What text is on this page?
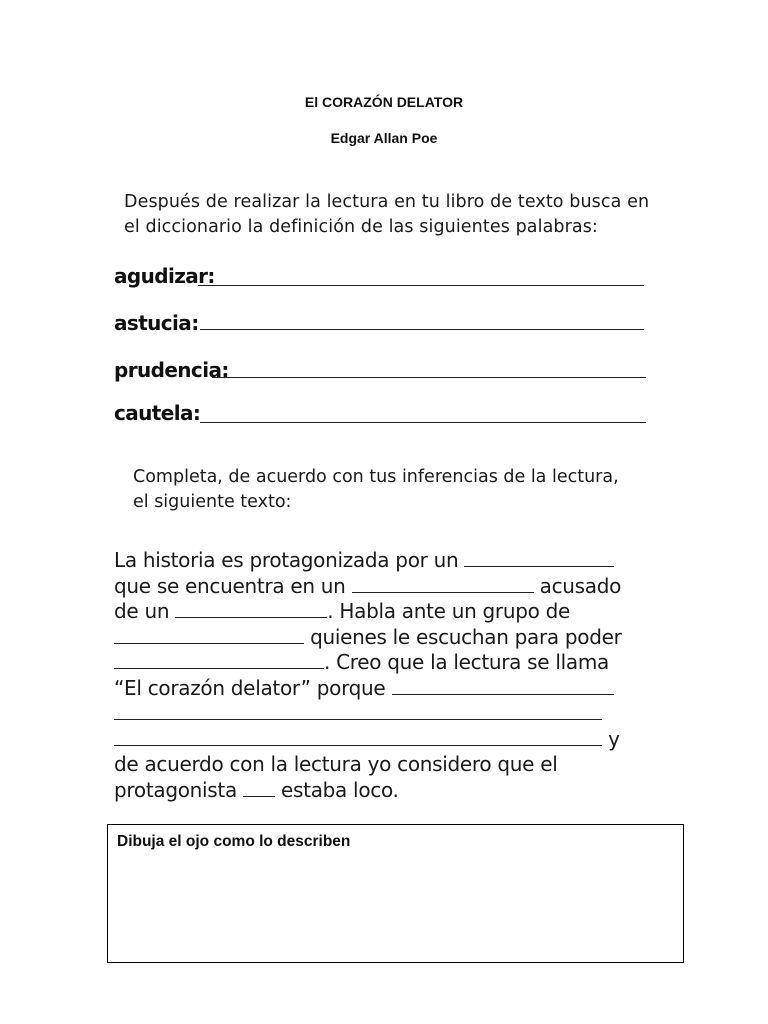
El CORAZÓN DELATOR
Edgar Allan Poe
Después de realizar la lectura en tu libro de texto busca en
el diccionario la definición de las siguientes palabras:
agudizar:
astucia:
prudencia:
cautela:
Completa, de acuerdo con tus inferencias de la lectura,
el siguiente texto:
La historia es protagonizada por un
que se encuentra en un	acusado
de un	. Habla ante un grupo de
quienes le escuchan para poder
. Creo que la lectura se llama
“El corazón delator” porque
y
de acuerdo con la lectura yo considero que el
protagonista estaba loco.
Dibuja el ojo como lo describen
